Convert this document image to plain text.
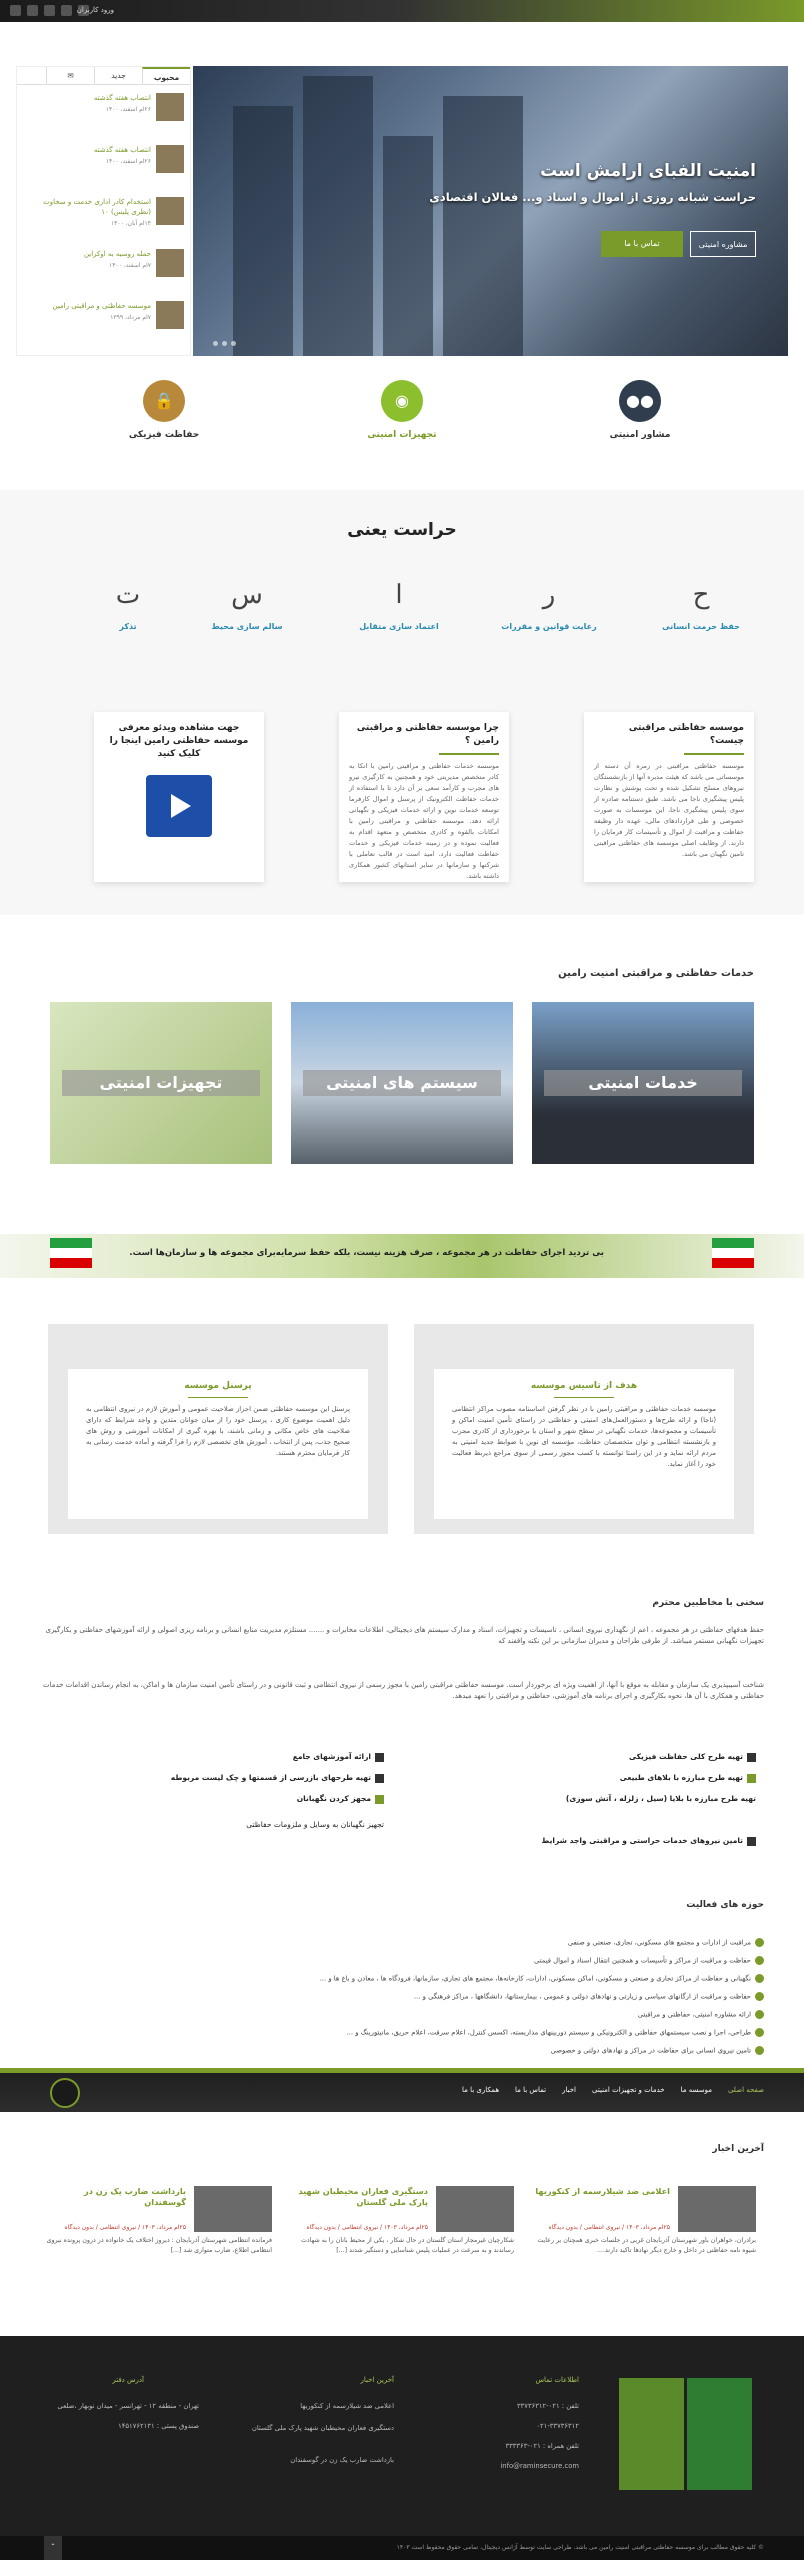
ورود کاربران
امنیت الفبای ارامش است

حراست شبانه روزی از اموال و اسناد و... فعالان اقتصادی

تماس با ما	مشاوره امنیتی
محبوب
جدید
✉
انتصاب هفته گذشته
۲۶ام اسفند، ۱۴۰۰
انتصاب هفته گذشته
۲۶ام اسفند، ۱۴۰۰
استخدام کادر اداری خدمت و سخاوت (نظری پلیس) ۱۰
۱۴ام آبان، ۱۴۰۰
حمله روسیه به اوکراین
۷ام اسفند، ۱۴۰۰
موسسه حفاظتی و مراقبتی رامین
۷ام مرداد، ۱۳۹۹
🔒
حفاظت فیزیکی
◉
تجهیزات امنیتی
●●
مشاور امنیتی
حراست یعنی
ح
حفظ حرمت انسانی
ر
رعایت قوانین و مقررات
ا
اعتماد سازی متقابل
س
سالم سازی محیط
ت
تذکر
موسسه حفاظتی مراقبتی چیست؟

موسسه حفاظتی مراقبتی در زمره آن دسته از موسساتی می باشد که هیئت مدیره آنها از بازنشستگان نیروهای مسلح تشکیل شده و تحت پوشش و نظارت پلیس پیشگیری ناجا می باشد. طبق دستنامه صادره از سوی پلیس پیشگیری ناجا، این موسسات به صورت خصوصی و طی قراردادهای مالی، عهده دار وظیفه حفاظت و مراقبت از اموال و تأسیسات کار فرمایان را دارند. از وظایف اصلی موسسه های حفاظتی مراقبتی تامین نگهبان می باشد.

چرا موسسه حفاظتی و مراقبتی رامین ؟

موسسه خدمات حفاظتی و مراقبتی رامین با اتکا به کادر متخصص مدیریتی خود و همچنین به کارگیری نیرو های مجرب و کارآمد سعی بر آن دارد تا با استفاده از خدمات حفاظت الکترونیک از پرسنل و اموال کارفرما توسعه خدمات نوین و ارائه خدمات فیزیکی و نگهبانی ارائه دهد. موسسه حفاظتی و مراقبتی رامین با امکانات بالقوه و کادری متخصص و متعهد اقدام به فعالیت نموده و در زمینه خدمات فیزیکی و خدمات حفاظت فعالیت دارد. امید است در قالب تعاملی با شرکتها و سازمانها در سایر استانهای کشور همکاری داشته باشد.

جهت مشاهده ویدئو معرفی موسسه حفاظتی رامین اینجا را کلیک کنید
خدمات حفاظتی و مراقبتی امنیت رامین
خدمات امنیتی
سیستم های امنیتی
تجهیزات امنیتی
بی تردید اجرای حفاظت در هر مجموعه ، صرف هزینه نیست، بلکه حفظ سرمایه‌برای مجموعه ها و سازمان‌ها است.
هدف از تاسیس موسسه

موسسه خدمات حفاظتی و مراقبتی رامین با در نظر گرفتن اساسنامه مصوب مراکز انتظامی (ناجا) و ارائه طرح‌ها و دستورالعمل‌های امنیتی و حفاظتی در راستای تأمین امنیت اماکن و تأسیسات و مجموعه‌ها، خدمات نگهبانی در سطح شهر و استان با برخورداری از کادری مجرب و بازنشسته انتظامی و توان متخصصان حفاظت، مؤسسه ای نوین با ضوابط جدید امنیتی به مردم ارائه نماید و در این راستا توانسته با کسب مجوز رسمی از سوی مراجع ذیربط فعالیت خود را آغاز نماید.

پرسنل موسسه

پرسنل این موسسه حفاظتی ضمن احراز صلاحیت عمومی و آموزش لازم در نیروی انتظامی به دلیل اهمیت موضوع کاری ، پرسنل خود را از میان جوانان متدین و واجد شرایط که دارای صلاحیت های خاص مکانی و زمانی باشند، با بهره گیری از امکانات آموزشی و روش های صحیح جذب، پس از انتخاب ، آموزش های تخصصی لازم را فرا گرفته و آماده خدمت رسانی به کار فرمایان محترم هستند.

سخنی با مخاطبین محترم

حفظ هدفهای حفاظتی در هر مجموعه ، اعم از نگهداری نیروی انسانی ، تاسیسات و تجهیزات، اسناد و مدارک سیستم های دیجیتالی، اطلاعات مخابرات و ....... مستلزم مدیریت منابع انسانی و برنامه ریزی اصولی و ارائه آموزشهای حفاظتی و بکارگیری تجهیزات نگهبانی مستمر میباشد. از طرفی طراحان و مدیران سازمانی بر این نکته واقفند که

شناخت آسیبپذیری یک سازمان و مقابله به موقع با آنها، از اهمیت ویژه ای برخوردار است. موسسه حفاظتی مراقبتی رامین با مجوز رسمی از نیروی انتظامی و ثبت قانونی و در راستای تأمین امنیت سازمان ها و اماکن، به انجام رساندن اقدامات خدمات حفاظتی و همکاری با آن ها، نحوه بکارگیری و اجرای برنامه های آموزشی، حفاظتی و مراقبتی را تعهد میدهد.

تهیه طرح کلی حفاظت فیزیکی
تهیه طرح مبارزه با بلاهای طبیعی
تهیه طرح مبارزه با بلایا (سیل ، زلزله ، آتش سوزی)
تامین نیروهای خدمات حراستی و مراقبتی واجد شرایط
ارائه آموزشهای جامع
تهیه طرحهای بازرسی از قسمتها و چک لیست مربوطه
مجهز کردن نگهبانان
تجهیز نگهبانان به وسایل و ملزومات حفاظتی
حوزه های فعالیت
مراقبت از ادارات و مجتمع های مسکونی، تجاری، صنعتی و صنفی
حفاظت و مراقبت از مراکز و تأسیسات و همچنین انتقال اسناد و اموال قیمتی
نگهبانی و حفاظت از مراکز تجاری و صنعتی و مسکونی، اماکن مسکونی، ادارات، کارخانه‌ها، مجتمع های تجاری، سازمانها، فرودگاه ها ، معادن و باغ ها و ...
حفاظت و مراقبت از ارگانهای سیاسی و زیارتی و نهادهای دولتی و عمومی ، بیمارستانها، دانشگاهها ، مراکز فرهنگی و ...
ارائه مشاوره امنیتی، حفاظتی و مراقبتی
طراحی، اجرا و نصب سیستمهای حفاظتی و الکترونیکی و سیستم دوربینهای مداربسته، اکسس کنترل، اعلام سرقت، اعلام حریق، مانیتورینگ و ...
تامین نیروی انسانی برای حفاظت در مراکز و نهادهای دولتی و خصوصی
صفحه اصلی
موسسه ما
خدمات و تجهیزات امنیتی
اخبار
تماس با ما
همکاری با ما
آخرین اخبار
اعلامی ضد شیلارسمه از کنکوریها
۲۵ام مرداد، ۱۴۰۳ / نیروی انتظامی / بدون دیدگاه

برادران، خواهران باور شهرستان آذربایجان غربی در جلسات خبری همچنان بر رعایت شیوه نامه حفاظتی در داخل و خارج دیگر نهادها تاکید دارند....

دستگیری فعاران محیطبان شهید پارک ملی گلستان
۲۵ام مرداد، ۱۴۰۳ / نیروی انتظامی / بدون دیدگاه

شکارچیان غیرمجاز استان گلستان در حال شکار ، یکی از محیط بانان را به شهادت رساندند و به سرعت در عملیات پلیس شناسایی و دستگیر شدند [...]

بازداشت ضارب یک زن در گوسفندان
۲۵ام مرداد، ۱۴۰۳ / نیروی انتظامی / بدون دیدگاه

فرمانده انتظامی شهرستان آذربایجان : دیروز اختلاف یک خانواده در درون پرونده نیروی انتظامی اطلاع، ضارب متواری شد [...]

اطلاعات تماس
تلفن : ۰۲۱-۳۳۷۳۶۳۱۲
۰۲۱-۳۳۷۳۶۳۱۲
تلفن همراه : ۰۲۱-۳۳۳۳۶۳
info@raminsecure.com
آخرین اخبار
اعلامی ضد شیلارسمه از کنکوریها
دستگیری فعاران محیطبان شهید پارک ملی گلستان
بازداشت ضارب یک زن در گوسفندان
آدرس دفتر
تهران - منطقه ۱۲ - تهرانسر - میدان نوبهار ،ضلعی
صندوق پستی : ۱۴۵۱۷۶۲۱۳۱
© کلیه حقوق مطالب برای موسسه حفاظتی مراقبتی امنیت رامین می باشد. طراحی سایت توسط آژانس دیجیتال، تمامی حقوق محفوظ است ۱۴۰۳
⌃
